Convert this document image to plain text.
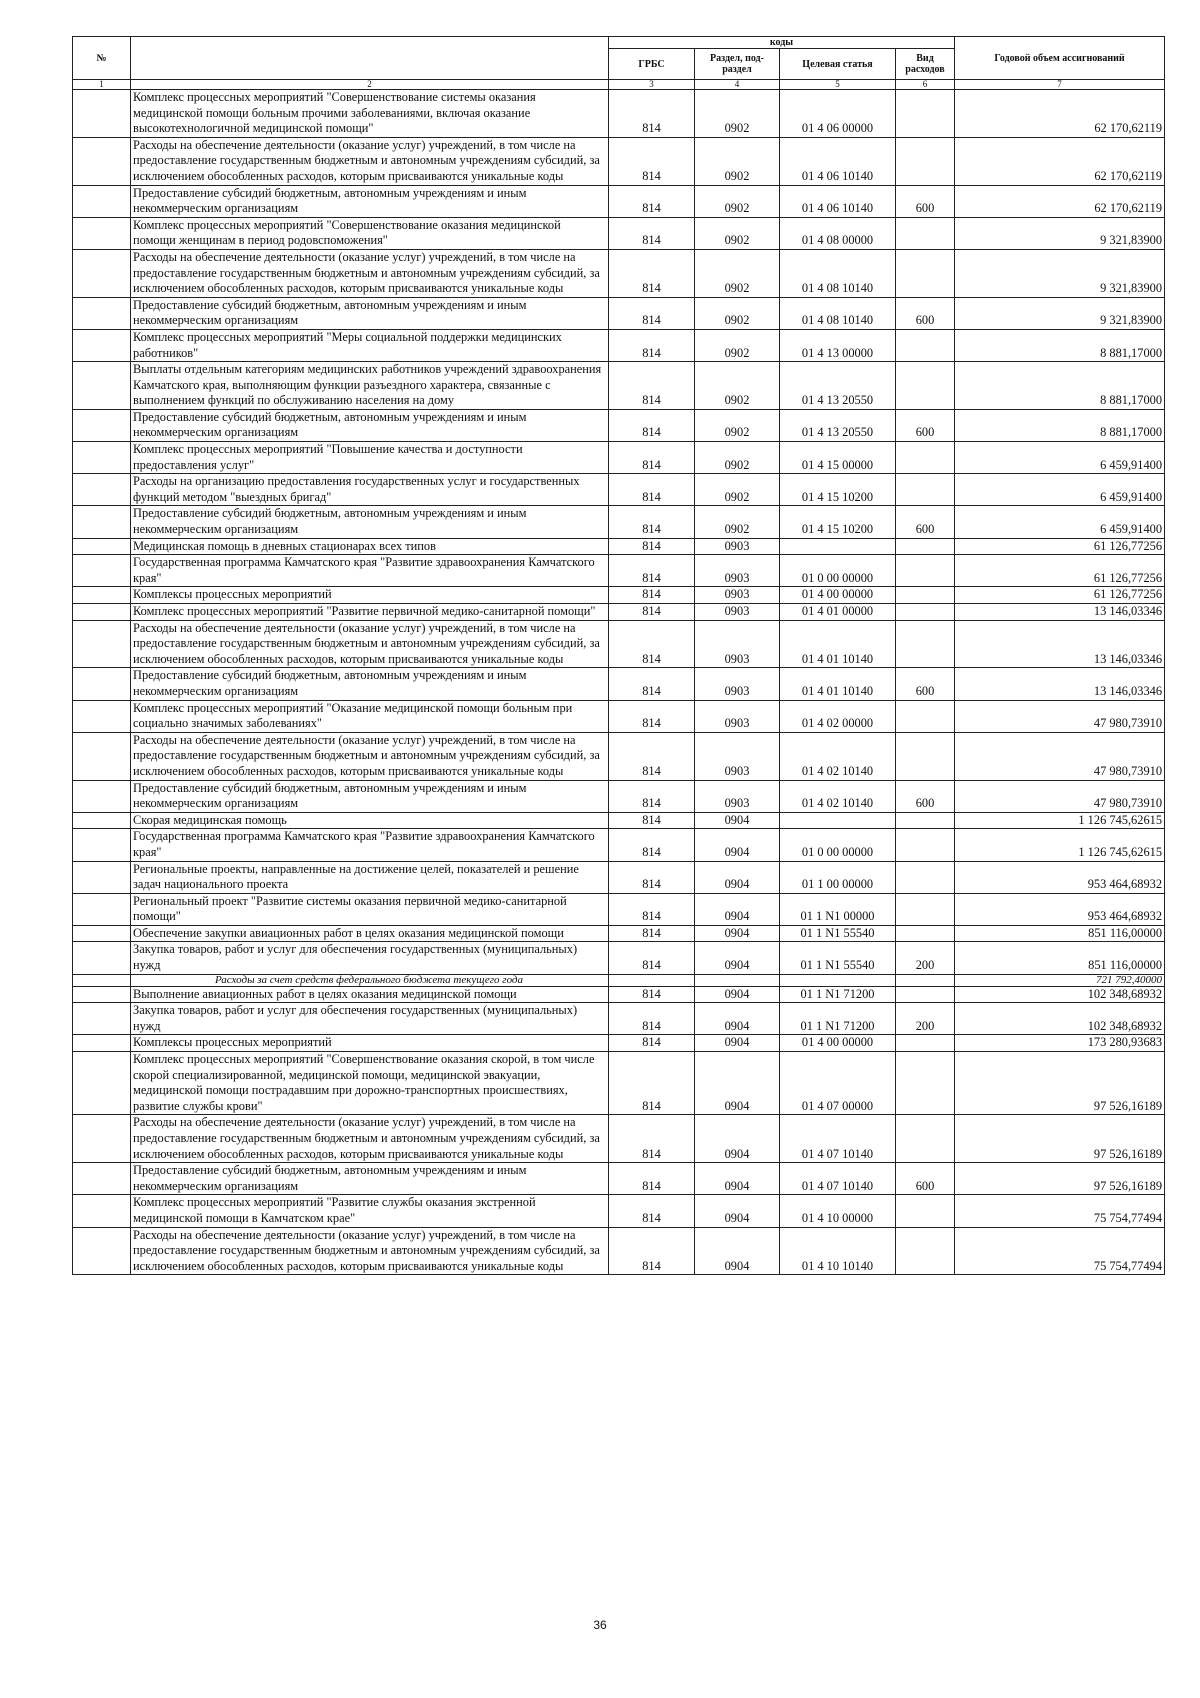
№		коды				Годовой объем ассигнований
		ГРБС	Раздел, под-раздел	Целевая статья	Вид расходов	
1	2	3	4	5	6	7
	Комплекс процессных мероприятий "Совершенствование системы оказания медицинской помощи больным прочими заболеваниями, включая оказание высокотехнологичной медицинской помощи"	814	0902	01 4 06 00000		62 170,62119
	Расходы на обеспечение деятельности (оказание услуг) учреждений, в том числе на предоставление государственным бюджетным и автономным учреждениям субсидий, за исключением обособленных расходов, которым присваиваются уникальные коды	814	0902	01 4 06 10140		62 170,62119
	Предоставление субсидий бюджетным, автономным учреждениям и иным некоммерческим организациям	814	0902	01 4 06 10140	600	62 170,62119
	Комплекс процессных мероприятий "Совершенствование оказания медицинской помощи женщинам в период родовспоможения"	814	0902	01 4 08 00000		9 321,83900
	Расходы на обеспечение деятельности (оказание услуг) учреждений, в том числе на предоставление государственным бюджетным и автономным учреждениям субсидий, за исключением обособленных расходов, которым присваиваются уникальные коды	814	0902	01 4 08 10140		9 321,83900
	Предоставление субсидий бюджетным, автономным учреждениям и иным некоммерческим организациям	814	0902	01 4 08 10140	600	9 321,83900
	Комплекс процессных мероприятий "Меры социальной поддержки медицинских работников"	814	0902	01 4 13 00000		8 881,17000
	Выплаты отдельным категориям медицинских работников учреждений здравоохранения Камчатского края, выполняющим функции разъездного характера, связанные с выполнением функций по обслуживанию населения на дому	814	0902	01 4 13 20550		8 881,17000
	Предоставление субсидий бюджетным, автономным учреждениям и иным некоммерческим организациям	814	0902	01 4 13 20550	600	8 881,17000
	Комплекс процессных мероприятий "Повышение качества и доступности предоставления услуг"	814	0902	01 4 15 00000		6 459,91400
	Расходы на организацию предоставления государственных услуг и государственных функций методом "выездных бригад"	814	0902	01 4 15 10200		6 459,91400
	Предоставление субсидий бюджетным, автономным учреждениям и иным некоммерческим организациям	814	0902	01 4 15 10200	600	6 459,91400
	Медицинская помощь в дневных стационарах всех типов	814	0903			61 126,77256
	Государственная программа Камчатского края "Развитие здравоохранения Камчатского края"	814	0903	01 0 00 00000		61 126,77256
	Комплексы процессных мероприятий	814	0903	01 4 00 00000		61 126,77256
	Комплекс процессных мероприятий "Развитие первичной медико-санитарной помощи"	814	0903	01 4 01 00000		13 146,03346
	Расходы на обеспечение деятельности (оказание услуг) учреждений, в том числе на предоставление государственным бюджетным и автономным учреждениям субсидий, за исключением обособленных расходов, которым присваиваются уникальные коды	814	0903	01 4 01 10140		13 146,03346
	Предоставление субсидий бюджетным, автономным учреждениям и иным некоммерческим организациям	814	0903	01 4 01 10140	600	13 146,03346
	Комплекс процессных мероприятий "Оказание медицинской помощи больным при социально значимых заболеваниях"	814	0903	01 4 02 00000		47 980,73910
	Расходы на обеспечение деятельности (оказание услуг) учреждений, в том числе на предоставление государственным бюджетным и автономным учреждениям субсидий, за исключением обособленных расходов, которым присваиваются уникальные коды	814	0903	01 4 02 10140		47 980,73910
	Предоставление субсидий бюджетным, автономным учреждениям и иным некоммерческим организациям	814	0903	01 4 02 10140	600	47 980,73910
	Скорая медицинская помощь	814	0904			1 126 745,62615
	Государственная программа Камчатского края "Развитие здравоохранения Камчатского края"	814	0904	01 0 00 00000		1 126 745,62615
	Региональные проекты, направленные на достижение целей, показателей и решение задач национального проекта	814	0904	01 1 00 00000		953 464,68932
	Региональный проект "Развитие системы оказания первичной медико-санитарной помощи"	814	0904	01 1 N1 00000		953 464,68932
	Обеспечение закупки авиационных работ в целях оказания медицинской помощи	814	0904	01 1 N1 55540		851 116,00000
	Закупка товаров, работ и услуг для обеспечения государственных (муниципальных) нужд	814	0904	01 1 N1 55540	200	851 116,00000
	Расходы за счет средств федерального бюджета текущего года					721 792,40000
	Выполнение авиационных работ в целях оказания медицинской помощи	814	0904	01 1 N1 71200		102 348,68932
	Закупка товаров, работ и услуг для обеспечения государственных (муниципальных) нужд	814	0904	01 1 N1 71200	200	102 348,68932
	Комплексы процессных мероприятий	814	0904	01 4 00 00000		173 280,93683
	Комплекс процессных мероприятий "Совершенствование оказания скорой, в том числе скорой специализированной, медицинской помощи, медицинской эвакуации, медицинской помощи пострадавшим при дорожно-транспортных происшествиях, развитие службы крови"	814	0904	01 4 07 00000		97 526,16189
	Расходы на обеспечение деятельности (оказание услуг) учреждений, в том числе на предоставление государственным бюджетным и автономным учреждениям субсидий, за исключением обособленных расходов, которым присваиваются уникальные коды	814	0904	01 4 07 10140		97 526,16189
	Предоставление субсидий бюджетным, автономным учреждениям и иным некоммерческим организациям	814	0904	01 4 07 10140	600	97 526,16189
	Комплекс процессных мероприятий "Развитие службы оказания экстренной медицинской помощи в Камчатском крае"	814	0904	01 4 10 00000		75 754,77494
	Расходы на обеспечение деятельности (оказание услуг) учреждений, в том числе на предоставление государственным бюджетным и автономным учреждениям субсидий, за исключением обособленных расходов, которым присваиваются уникальные коды	814	0904	01 4 10 10140		75 754,77494
36
